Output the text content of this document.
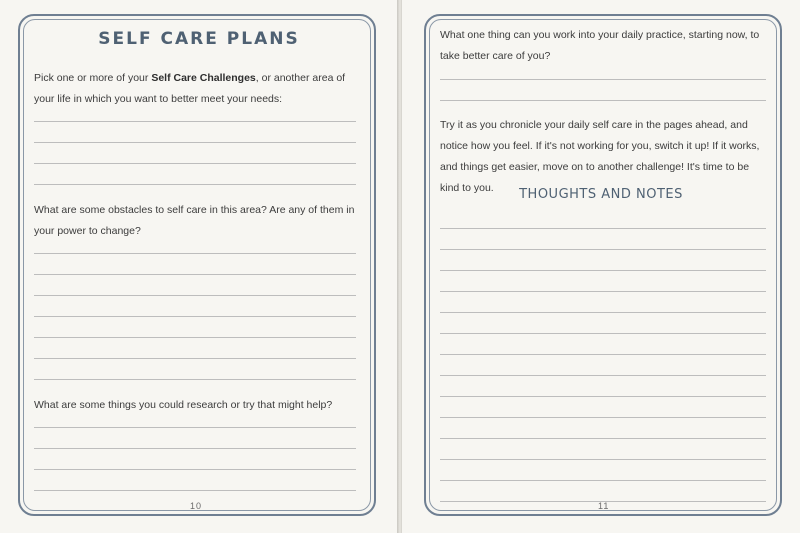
SELF CARE PLANS
Pick one or more of your Self Care Challenges, or another area of your life in which you want to better meet your needs:
What are some obstacles to self care in this area? Are any of them in your power to change?
What are some things you could research or try that might help?
10
What one thing can you work into your daily practice, starting now, to take better care of you?
Try it as you chronicle your daily self care in the pages ahead, and notice how you feel. If it's not working for you, switch it up! If it works, and things get easier, move on to another challenge! It's time to be kind to you.	THOUGHTS AND NOTES
11
